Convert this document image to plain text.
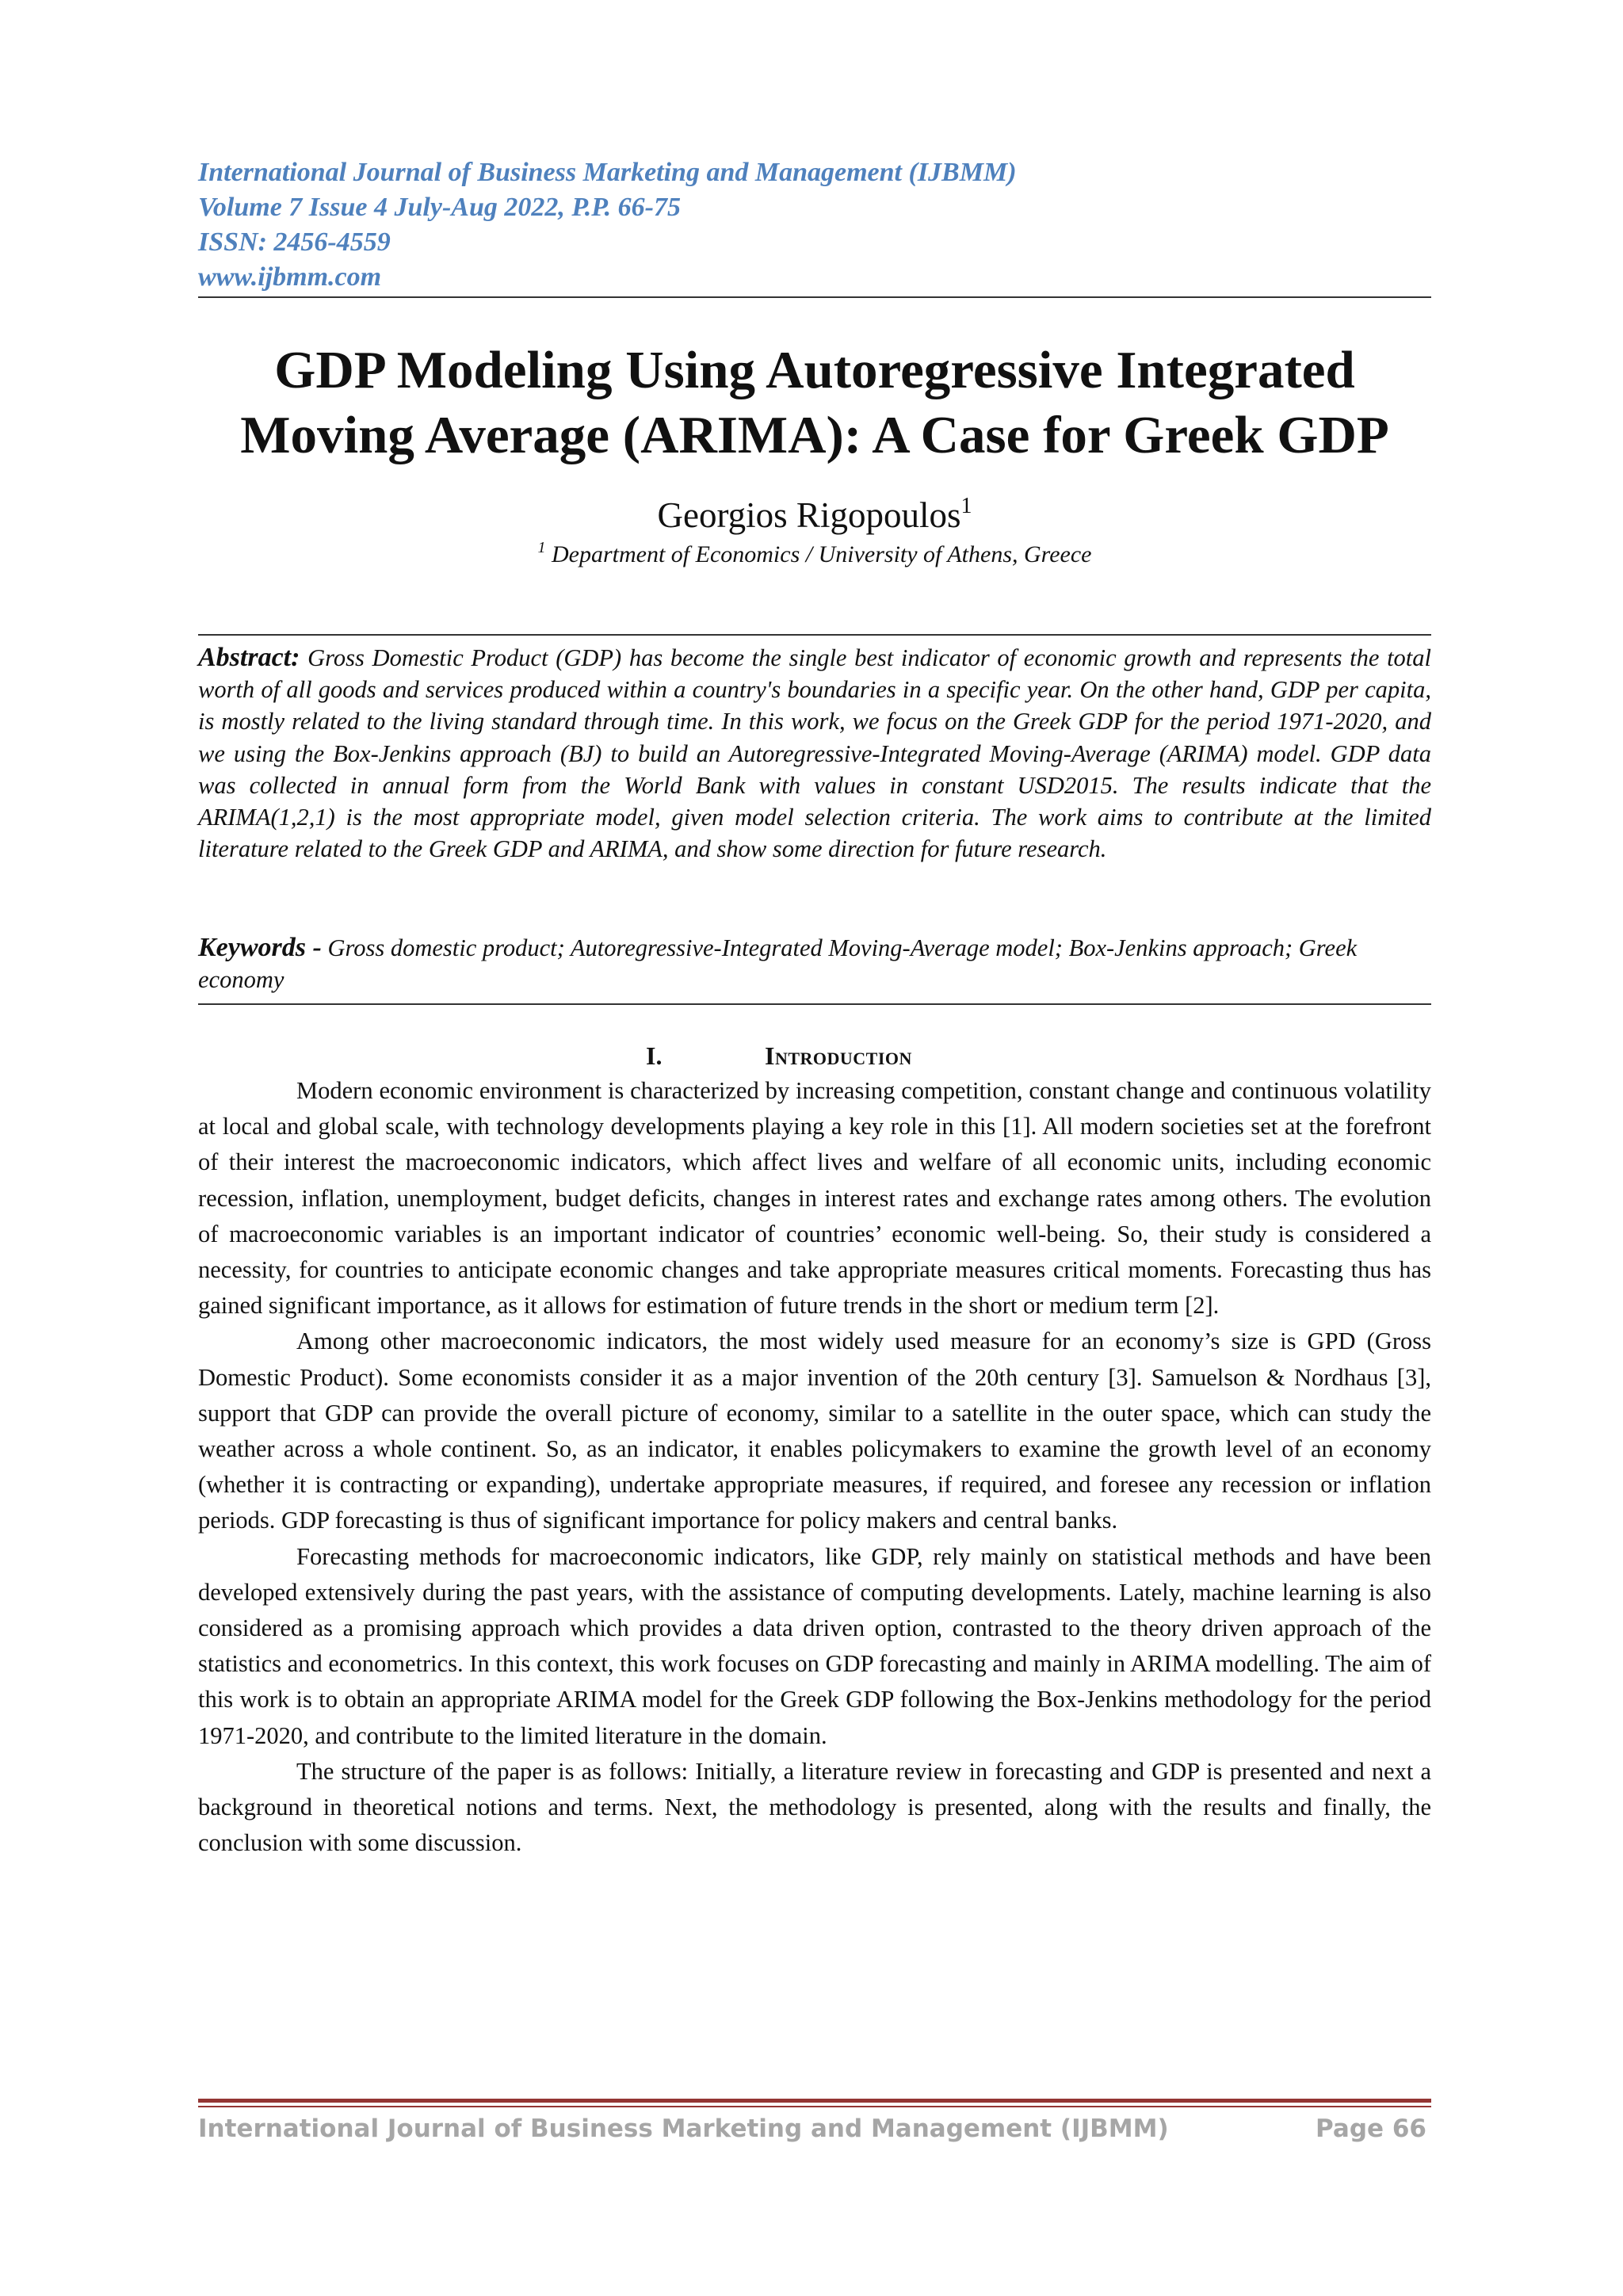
International Journal of Business Marketing and Management (IJBMM)
Volume 7 Issue 4 July-Aug 2022, P.P. 66-75
ISSN: 2456-4559
www.ijbmm.com
GDP Modeling Using Autoregressive Integrated
Moving Average (ARIMA): A Case for Greek GDP
Georgios Rigopoulos$^1$
$^1$ Department of Economics / University of Athens, Greece
Abstract: Gross Domestic Product (GDP) has become the single best indicator of economic growth and represents the total worth of all goods and services produced within a country's boundaries in a specific year. On the other hand, GDP per capita, is mostly related to the living standard through time. In this work, we focus on the Greek GDP for the period 1971-2020, and we using the Box-Jenkins approach (BJ) to build an Autoregressive-Integrated Moving-Average (ARIMA) model. GDP data was collected in annual form from the World Bank with values in constant USD2015. The results indicate that the ARIMA(1,2,1) is the most appropriate model, given model selection criteria. The work aims to contribute at the limited literature related to the Greek GDP and ARIMA, and show some direction for future research.
Keywords - Gross domestic product; Autoregressive-Integrated Moving-Average model; Box-Jenkins approach; Greek economy
I.	Introduction

Modern economic environment is characterized by increasing competition, constant change and continuous volatility at local and global scale, with technology developments playing a key role in this [1]. All modern societies set at the forefront of their interest the macroeconomic indicators, which affect lives and welfare of all economic units, including economic recession, inflation, unemployment, budget deficits, changes in interest rates and exchange rates among others. The evolution of macroeconomic variables is an important indicator of countries’ economic well-being. So, their study is considered a necessity, for countries to anticipate economic changes and take appropriate measures critical moments. Forecasting thus has gained significant importance, as it allows for estimation of future trends in the short or medium term [2].

Among other macroeconomic indicators, the most widely used measure for an economy’s size is GPD (Gross Domestic Product). Some economists consider it as a major invention of the 20th century [3]. Samuelson & Nordhaus [3], support that GDP can provide the overall picture of economy, similar to a satellite in the outer space, which can study the weather across a whole continent. So, as an indicator, it enables policymakers to examine the growth level of an economy (whether it is contracting or expanding), undertake appropriate measures, if required, and foresee any recession or inflation periods. GDP forecasting is thus of significant importance for policy makers and central banks.

Forecasting methods for macroeconomic indicators, like GDP, rely mainly on statistical methods and have been developed extensively during the past years, with the assistance of computing developments. Lately, machine learning is also considered as a promising approach which provides a data driven option, contrasted to the theory driven approach of the statistics and econometrics. In this context, this work focuses on GDP forecasting and mainly in ARIMA modelling. The aim of this work is to obtain an appropriate ARIMA model for the Greek GDP following the Box-Jenkins methodology for the period 1971-2020, and contribute to the limited literature in the domain.

The structure of the paper is as follows: Initially, a literature review in forecasting and GDP is presented and next a background in theoretical notions and terms. Next, the methodology is presented, along with the results and finally, the conclusion with some discussion.

International Journal of Business Marketing and Management (IJBMM)	Page 66
